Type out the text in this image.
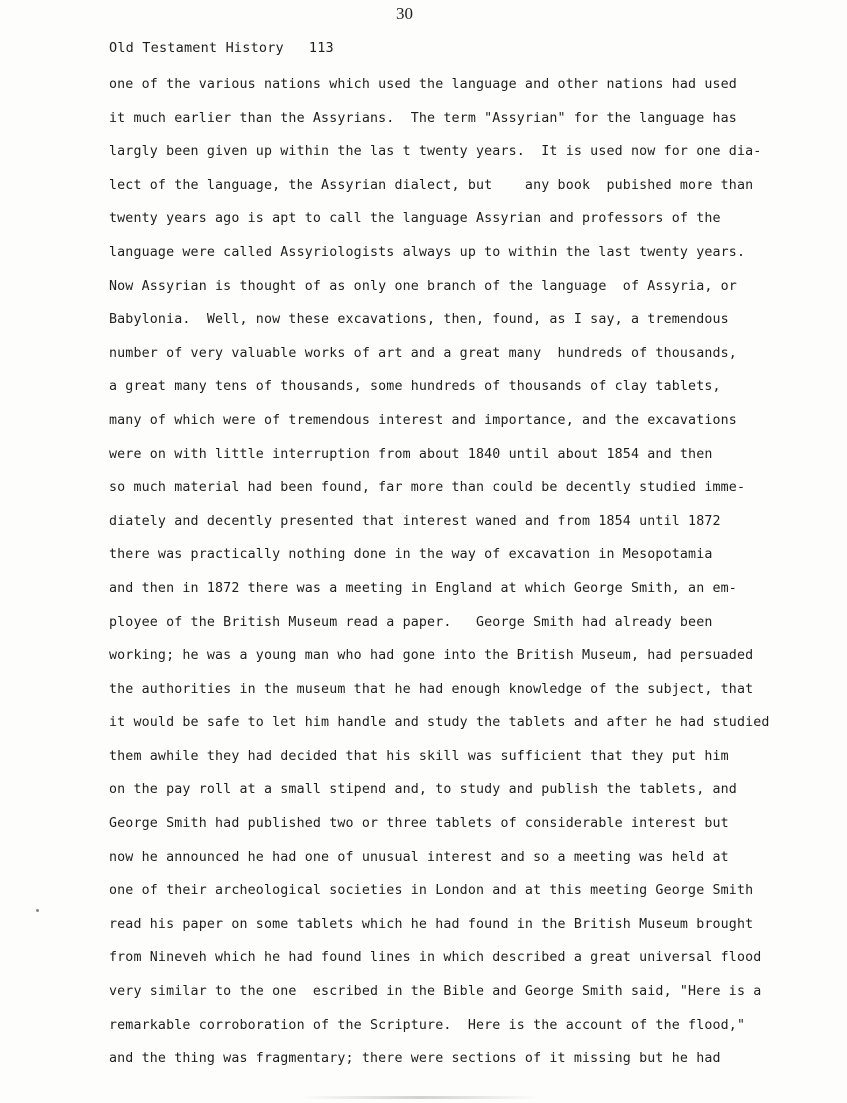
30
Old Testament History   113
one of the various nations which used the language and other nations had used
it much earlier than the Assyrians.  The term "Assyrian" for the language has
largly been given up within the las t twenty years.  It is used now for one dia-
lect of the language, the Assyrian dialect, but    any book  pubished more than
twenty years ago is apt to call the language Assyrian and professors of the
language were called Assyriologists always up to within the last twenty years.
Now Assyrian is thought of as only one branch of the language  of Assyria, or
Babylonia.  Well, now these excavations, then, found, as I say, a tremendous
number of very valuable works of art and a great many  hundreds of thousands,
a great many tens of thousands, some hundreds of thousands of clay tablets,
many of which were of tremendous interest and importance, and the excavations
were on with little interruption from about 1840 until about 1854 and then
so much material had been found, far more than could be decently studied imme-
diately and decently presented that interest waned and from 1854 until 1872
there was practically nothing done in the way of excavation in Mesopotamia
and then in 1872 there was a meeting in England at which George Smith, an em-
ployee of the British Museum read a paper.   George Smith had already been
working; he was a young man who had gone into the British Museum, had persuaded
the authorities in the museum that he had enough knowledge of the subject, that
it would be safe to let him handle and study the tablets and after he had studied
them awhile they had decided that his skill was sufficient that they put him
on the pay roll at a small stipend and, to study and publish the tablets, and
George Smith had published two or three tablets of considerable interest but
now he announced he had one of unusual interest and so a meeting was held at
one of their archeological societies in London and at this meeting George Smith
read his paper on some tablets which he had found in the British Museum brought
from Nineveh which he had found lines in which described a great universal flood
very similar to the one  escribed in the Bible and George Smith said, "Here is a
remarkable corroboration of the Scripture.  Here is the account of the flood,"
and the thing was fragmentary; there were sections of it missing but he had
